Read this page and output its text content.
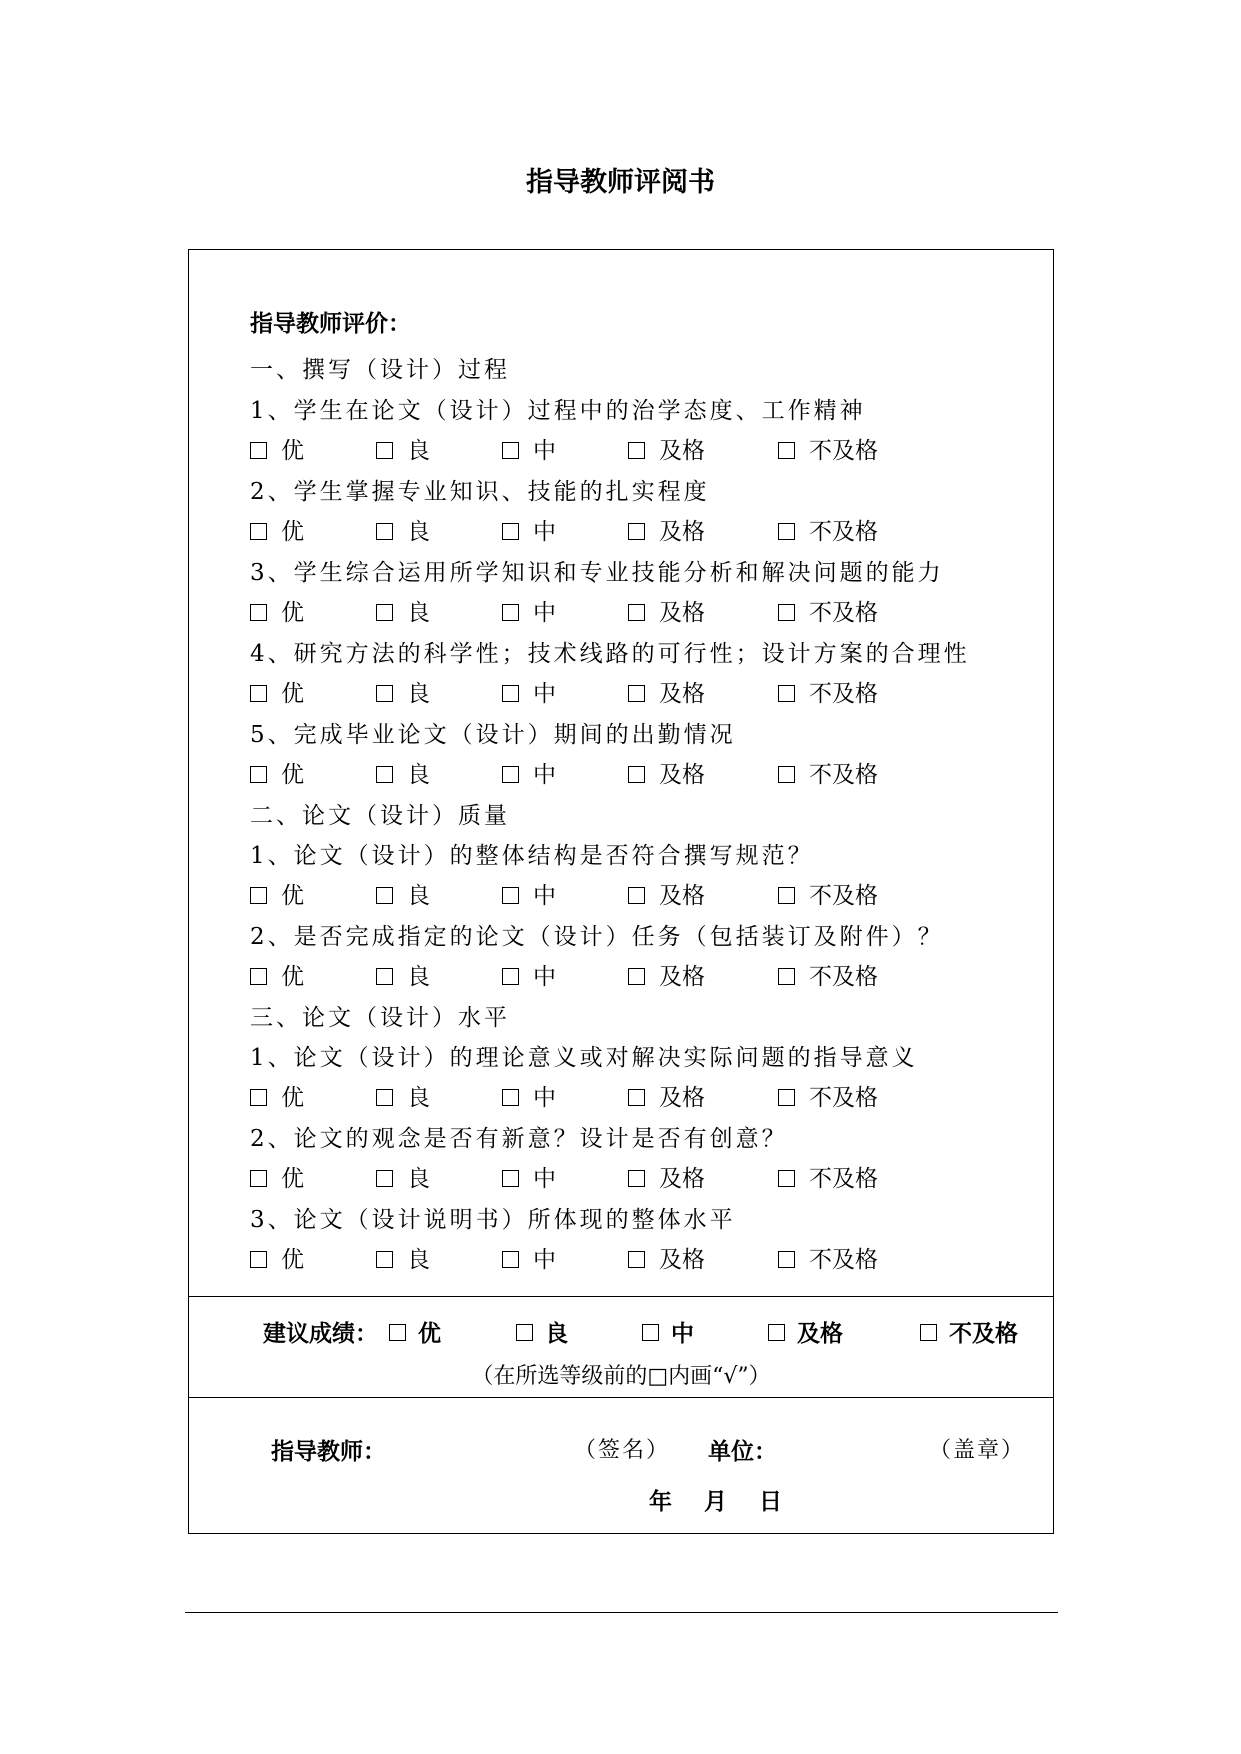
指导教师评阅书
指导教师评价：
一、撰写（设计）过程
1、学生在论文（设计）过程中的治学态度、工作精神
优	良	中	及格	不及格
2、学生掌握专业知识、技能的扎实程度
优	良	中	及格	不及格
3、学生综合运用所学知识和专业技能分析和解决问题的能力
优	良	中	及格	不及格
4、研究方法的科学性；技术线路的可行性；设计方案的合理性
优	良	中	及格	不及格
5、完成毕业论文（设计）期间的出勤情况
优	良	中	及格	不及格
二、论文（设计）质量
1、论文（设计）的整体结构是否符合撰写规范？
优	良	中	及格	不及格
2、是否完成指定的论文（设计）任务（包括装订及附件）？
优	良	中	及格	不及格
三、论文（设计）水平
1、论文（设计）的理论意义或对解决实际问题的指导意义
优	良	中	及格	不及格
2、论文的观念是否有新意？设计是否有创意？
优	良	中	及格	不及格
3、论文（设计说明书）所体现的整体水平
优	良	中	及格	不及格
建议成绩：	优	良	中	及格	不及格
（在所选等级前的□内画“√”）
指导教师：	（签名） 单位：	（盖章）
年 月 日
